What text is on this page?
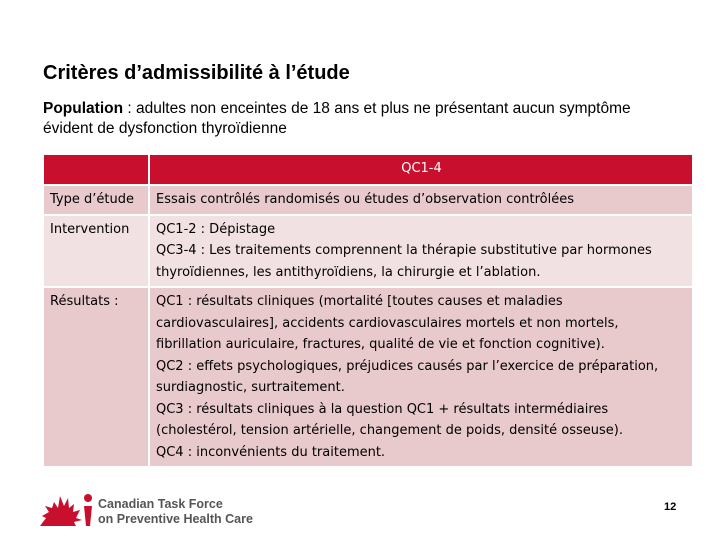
Critères d’admissibilité à l’étude

Population : adultes non enceintes de 18 ans et plus ne présentant aucun symptôme évident de dysfonction thyroïdienne

	QC1-4
Type d’étude	Essais contrôlés randomisés ou études d’observation contrôlées

Intervention	QC1-2 : Dépistage
QC3-4 : Les traitements comprennent la thérapie substitutive par hormones thyroïdiennes, les antithyroïdiens, la chirurgie et l’ablation.

Résultats :	QC1 : résultats cliniques (mortalité [toutes causes et maladies cardiovasculaires], accidents cardiovasculaires mortels et non mortels, fibrillation auriculaire, fractures, qualité de vie et fonction cognitive).
QC2 : effets psychologiques, préjudices causés par l’exercice de préparation, surdiagnostic, surtraitement.
QC3 : résultats cliniques à la question QC1 + résultats intermédiaires (cholestérol, tension artérielle, changement de poids, densité osseuse).
QC4 : inconvénients du traitement.
Canadian Task Force
on Preventive Health Care
12
